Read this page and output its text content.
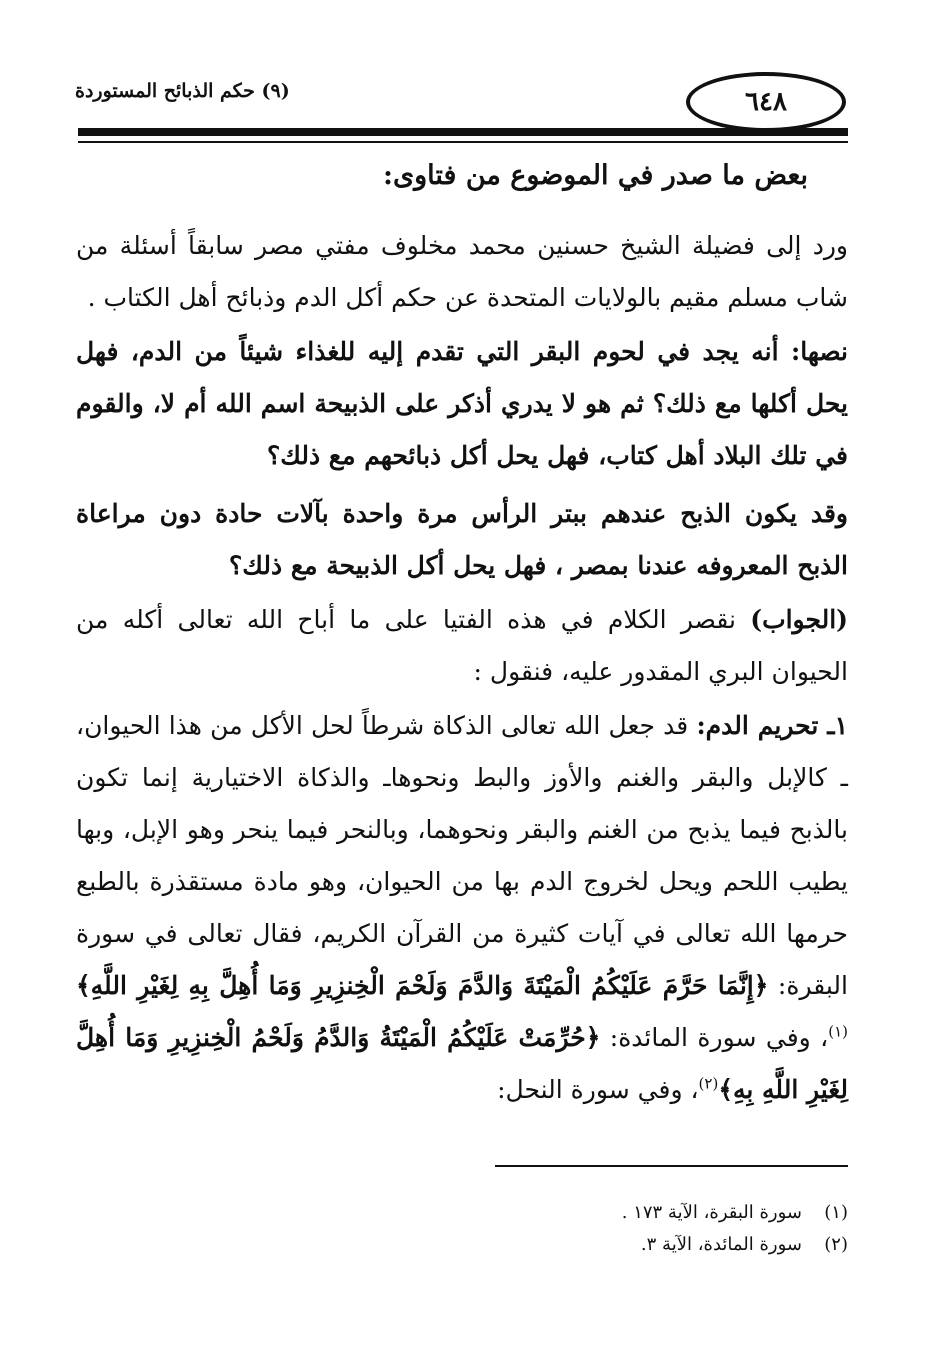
٦٤٨
(٩) حكم الذبائح المستوردة
بعض ما صدر في الموضوع من فتاوى:

ورد إلى فضيلة الشيخ حسنين محمد مخلوف مفتي مصر سابقاً أسئلة من شاب مسلم مقيم بالولايات المتحدة عن حكم أكل الدم وذبائح أهل الكتاب .

نصها: أنه يجد في لحوم البقر التي تقدم إليه للغذاء شيئاً من الدم، فهل يحل أكلها مع ذلك؟ ثم هو لا يدري أذكر على الذبيحة اسم الله أم لا، والقوم في تلك البلاد أهل كتاب، فهل يحل أكل ذبائحهم مع ذلك؟

وقد يكون الذبح عندهم ببتر الرأس مرة واحدة بآلات حادة دون مراعاة الذبح المعروفه عندنا بمصر ، فهل يحل أكل الذبيحة مع ذلك؟

(الجواب) نقصر الكلام في هذه الفتيا على ما أباح الله تعالى أكله من الحيوان البري المقدور عليه، فنقول :

١ـ تحريم الدم: قد جعل الله تعالى الذكاة شرطاً لحل الأكل من هذا الحيوان، ـ كالإبل والبقر والغنم والأوز والبط ونحوهاـ والذكاة الاختيارية إنما تكون بالذبح فيما يذبح من الغنم والبقر ونحوهما، وبالنحر فيما ينحر وهو الإبل، وبها يطيب اللحم ويحل لخروج الدم بها من الحيوان، وهو مادة مستقذرة بالطبع حرمها الله تعالى في آيات كثيرة من القرآن الكريم، فقال تعالى في سورة البقرة: ﴿إِنَّمَا حَرَّمَ عَلَيْكُمُ الْمَيْتَةَ وَالدَّمَ وَلَحْمَ الْخِنزِيرِ وَمَا أُهِلَّ بِهِ لِغَيْرِ اللَّهِ﴾$^{(١)}$، وفي سورة المائدة: ﴿حُرِّمَتْ عَلَيْكُمُ الْمَيْتَةُ وَالدَّمُ وَلَحْمُ الْخِنزِيرِ وَمَا أُهِلَّ لِغَيْرِ اللَّهِ بِهِ﴾$^{(٢)}$، وفي سورة النحل:

(١)سورة البقرة، الآية ١٧٣ .

(٢)سورة المائدة، الآية ٣.
